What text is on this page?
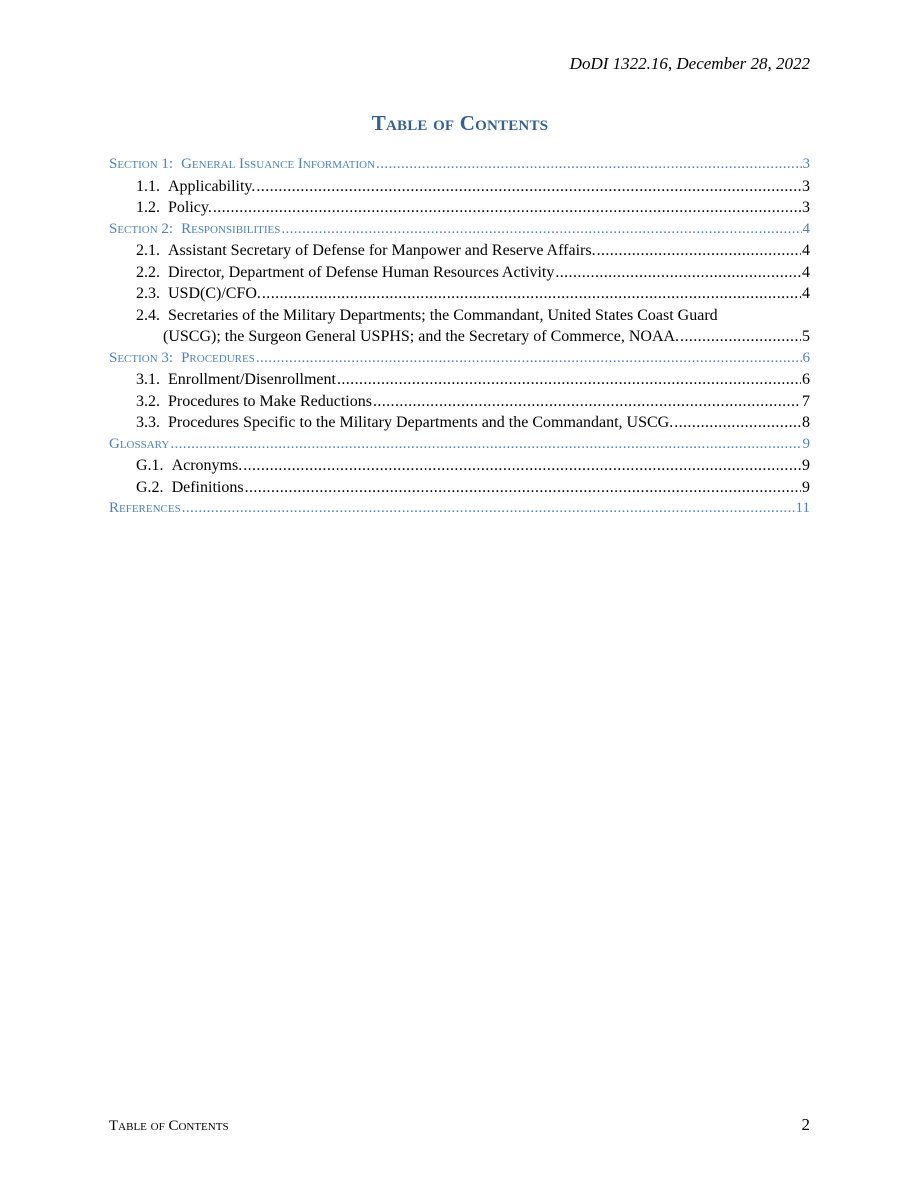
DoDI 1322.16, December 28, 2022
Table of Contents
Section 1: General Issuance Information .....	3
1.1. Applicability. .....	3
1.2. Policy. .....	3
Section 2: Responsibilities .....	4
2.1. Assistant Secretary of Defense for Manpower and Reserve Affairs. .....	4
2.2. Director, Department of Defense Human Resources Activity .....	4
2.3. USD(C)/CFO. .....	4
2.4. Secretaries of the Military Departments; the Commandant, United States Coast Guard
(USCG); the Surgeon General USPHS; and the Secretary of Commerce, NOAA. .....	5
Section 3: Procedures .....	6
3.1. Enrollment/Disenrollment .....	6
3.2. Procedures to Make Reductions .....	7
3.3. Procedures Specific to the Military Departments and the Commandant, USCG. .....	8
Glossary .....	9
G.1. Acronyms. .....	9
G.2. Definitions .....	9
References .....	11
Table of Contents	2
